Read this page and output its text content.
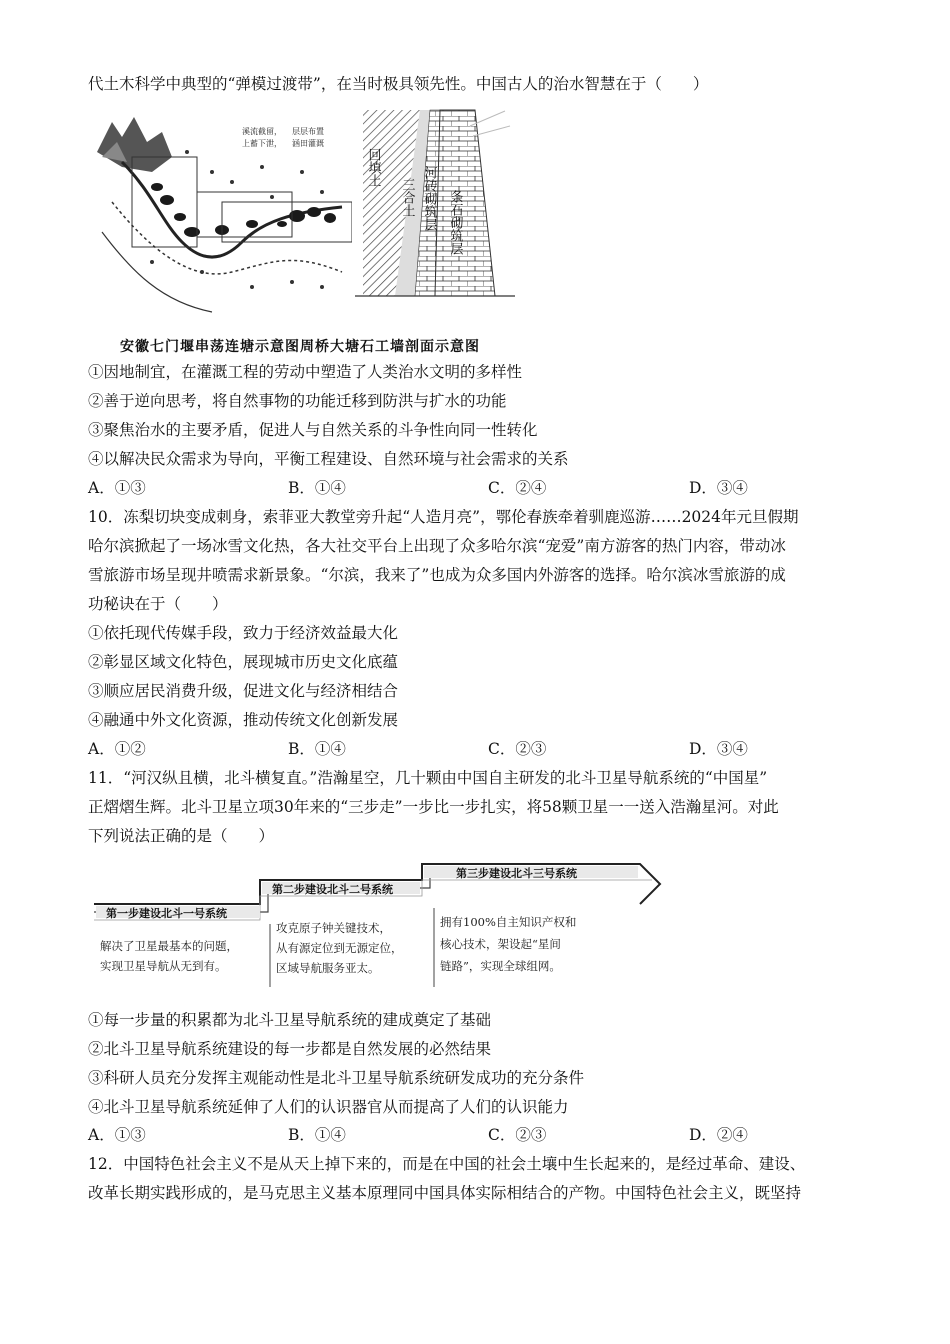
代土木科学中典型的“弹模过渡带”，在当时极具领先性。中国古人的治水智慧在于（　　）
溪流截留， 层层布置
上蓄下泄， 涵田灌溉
回填土
三合土 河砖砌筑层 条石砌筑层
安徽七门堰串荡连塘示意图周桥大塘石工墙剖面示意图
①因地制宜，在灌溉工程的劳动中塑造了人类治水文明的多样性
②善于逆向思考，将自然事物的功能迁移到防洪与扩水的功能
③聚焦治水的主要矛盾，促进人与自然关系的斗争性向同一性转化
④以解决民众需求为导向，平衡工程建设、自然环境与社会需求的关系
A．①③	B．①④	C．②④	D．③④
10．冻梨切块变成刺身，索菲亚大教堂旁升起“人造月亮”，鄂伦春族牵着驯鹿巡游……2024年元旦假期
哈尔滨掀起了一场冰雪文化热，各大社交平台上出现了众多哈尔滨“宠爱”南方游客的热门内容，带动冰
雪旅游市场呈现井喷需求新景象。“尔滨，我来了”也成为众多国内外游客的选择。哈尔滨冰雪旅游的成
功秘诀在于（　　）
①依托现代传媒手段，致力于经济效益最大化
②彰显区域文化特色，展现城市历史文化底蕴
③顺应居民消费升级，促进文化与经济相结合
④融通中外文化资源，推动传统文化创新发展
A．①②	B．①④	C．②③	D．③④
11．“河汉纵且横，北斗横复直。”浩瀚星空，几十颗由中国自主研发的北斗卫星导航系统的“中国星”
正熠熠生辉。北斗卫星立项30年来的“三步走”一步比一步扎实，将58颗卫星一一送入浩瀚星河。对此
下列说法正确的是（　　）
第一步建设北斗一号系统
第二步建设北斗二号系统
第三步建设北斗三号系统
解决了卫星最基本的问题，
实现卫星导航从无到有。
攻克原子钟关键技术，
从有源定位到无源定位，
区域导航服务亚太。
拥有100%自主知识产权和
核心技术，架设起“星间
链路”，实现全球组网。
①每一步量的积累都为北斗卫星导航系统的建成奠定了基础
②北斗卫星导航系统建设的每一步都是自然发展的必然结果
③科研人员充分发挥主观能动性是北斗卫星导航系统研发成功的充分条件
④北斗卫星导航系统延伸了人们的认识器官从而提高了人们的认识能力
A．①③	B．①④	C．②③	D．②④
12．中国特色社会主义不是从天上掉下来的，而是在中国的社会土壤中生长起来的，是经过革命、建设、
改革长期实践形成的，是马克思主义基本原理同中国具体实际相结合的产物。中国特色社会主义，既坚持
